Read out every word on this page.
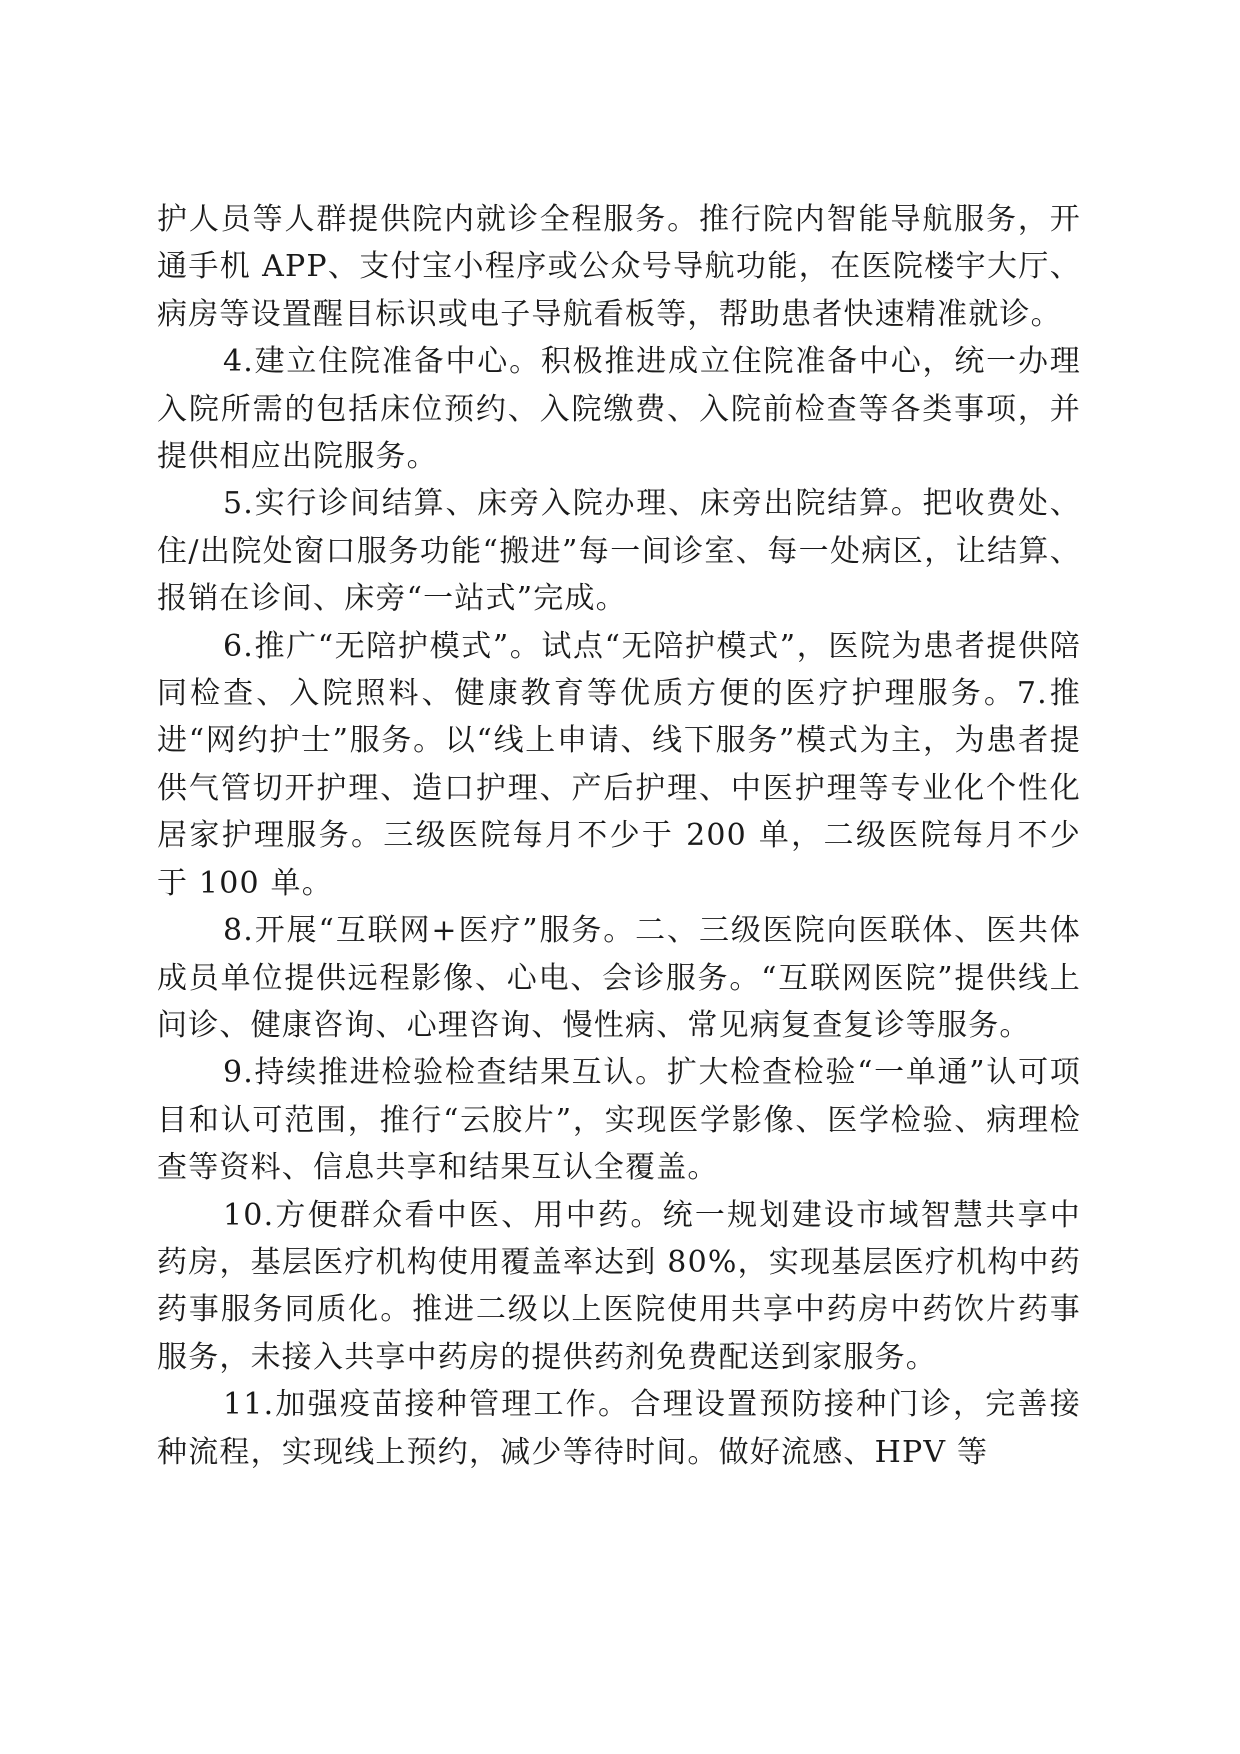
护人员等人群提供院内就诊全程服务。推行院内智能导航服务，开通手机 APP、支付宝小程序或公众号导航功能，在医院楼宇大厅、病房等设置醒目标识或电子导航看板等，帮助患者快速精准就诊。

4.建立住院准备中心。积极推进成立住院准备中心，统一办理入院所需的包括床位预约、入院缴费、入院前检查等各类事项，并提供相应出院服务。

5.实行诊间结算、床旁入院办理、床旁出院结算。把收费处、住/出院处窗口服务功能“搬进”每一间诊室、每一处病区，让结算、报销在诊间、床旁“一站式”完成。

6.推广“无陪护模式”。试点“无陪护模式”，医院为患者提供陪同检查、入院照料、健康教育等优质方便的医疗护理服务。7.推进“网约护士”服务。以“线上申请、线下服务”模式为主，为患者提供气管切开护理、造口护理、产后护理、中医护理等专业化个性化居家护理服务。三级医院每月不少于 200 单，二级医院每月不少于 100 单。

8.开展“互联网+医疗”服务。二、三级医院向医联体、医共体成员单位提供远程影像、心电、会诊服务。“互联网医院”提供线上问诊、健康咨询、心理咨询、慢性病、常见病复查复诊等服务。

9.持续推进检验检查结果互认。扩大检查检验“一单通”认可项目和认可范围，推行“云胶片”，实现医学影像、医学检验、病理检查等资料、信息共享和结果互认全覆盖。

10.方便群众看中医、用中药。统一规划建设市域智慧共享中药房，基层医疗机构使用覆盖率达到 80%，实现基层医疗机构中药药事服务同质化。推进二级以上医院使用共享中药房中药饮片药事服务，未接入共享中药房的提供药剂免费配送到家服务。

11.加强疫苗接种管理工作。合理设置预防接种门诊，完善接种流程，实现线上预约，减少等待时间。做好流感、HPV 等
